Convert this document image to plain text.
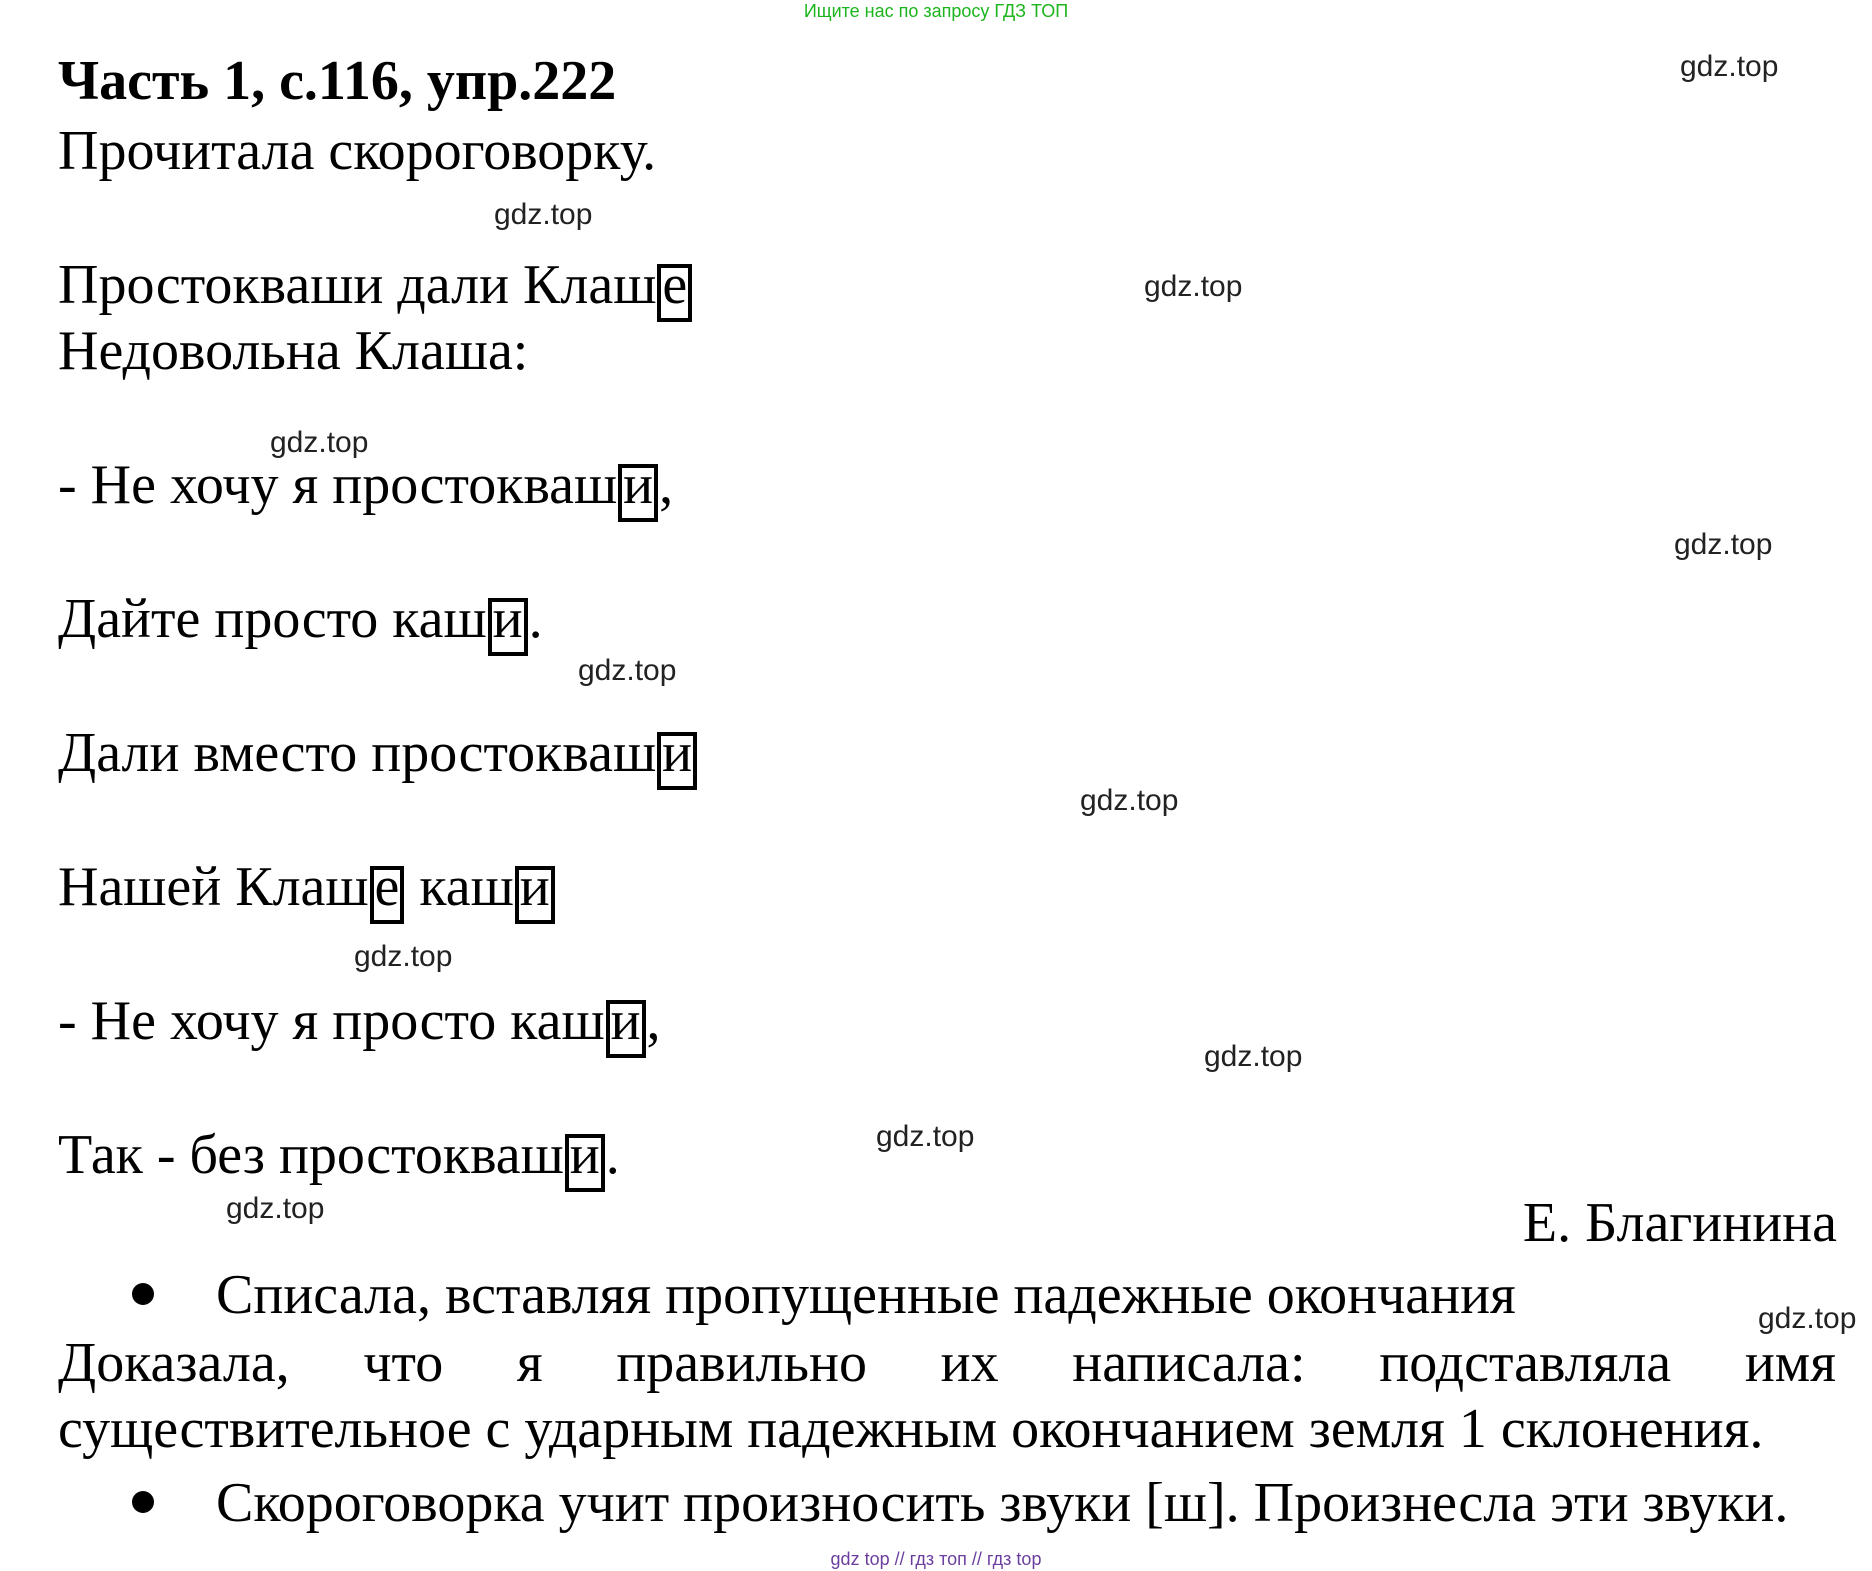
Ищите нас по запросу ГДЗ ТОП
Часть 1, с.116, упр.222
Прочитала скороговорку.
Простокваши дали Клаш е
Недовольна Клаша:
- Не хочу я простокваш и ,
Дайте просто каш и .
Дали вместо простокваш и
Нашей Клаш е каш и
- Не хочу я просто каш и ,
Так - без простокваш и .
Е. Благинина
Списала, вставляя пропущенные падежные окончания
Доказала, что я правильно их написала: подставляла имя существительное с ударным падежным окончанием земля 1 склонения.
Скороговорка учит произносить звуки [ш]. Произнесла эти звуки.
gdz.top
gdz.top
gdz.top
gdz.top
gdz.top
gdz.top
gdz.top
gdz.top
gdz.top
gdz.top
gdz.top
gdz.top
gdz top // гдз топ // гдз top
